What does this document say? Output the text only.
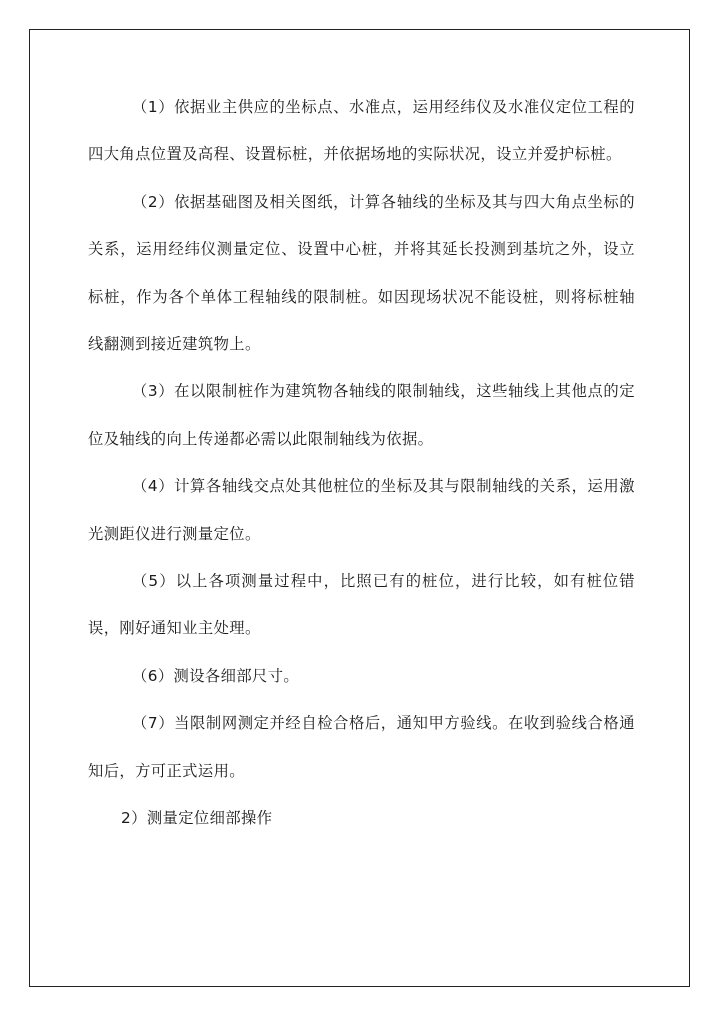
（1）依据业主供应的坐标点、水准点，运用经纬仪及水准仪定位工程的四大角点位置及高程、设置标桩，并依据场地的实际状况，设立并爱护标桩。

（2）依据基础图及相关图纸，计算各轴线的坐标及其与四大角点坐标的关系，运用经纬仪测量定位、设置中心桩，并将其延长投测到基坑之外，设立标桩，作为各个单体工程轴线的限制桩。如因现场状况不能设桩，则将标桩轴线翻测到接近建筑物上。

（3）在以限制桩作为建筑物各轴线的限制轴线，这些轴线上其他点的定位及轴线的向上传递都必需以此限制轴线为依据。

（4）计算各轴线交点处其他桩位的坐标及其与限制轴线的关系，运用激光测距仪进行测量定位。

（5）以上各项测量过程中，比照已有的桩位，进行比较，如有桩位错误，刚好通知业主处理。

（6）测设各细部尺寸。

（7）当限制网测定并经自检合格后，通知甲方验线。在收到验线合格通知后，方可正式运用。

2）测量定位细部操作
